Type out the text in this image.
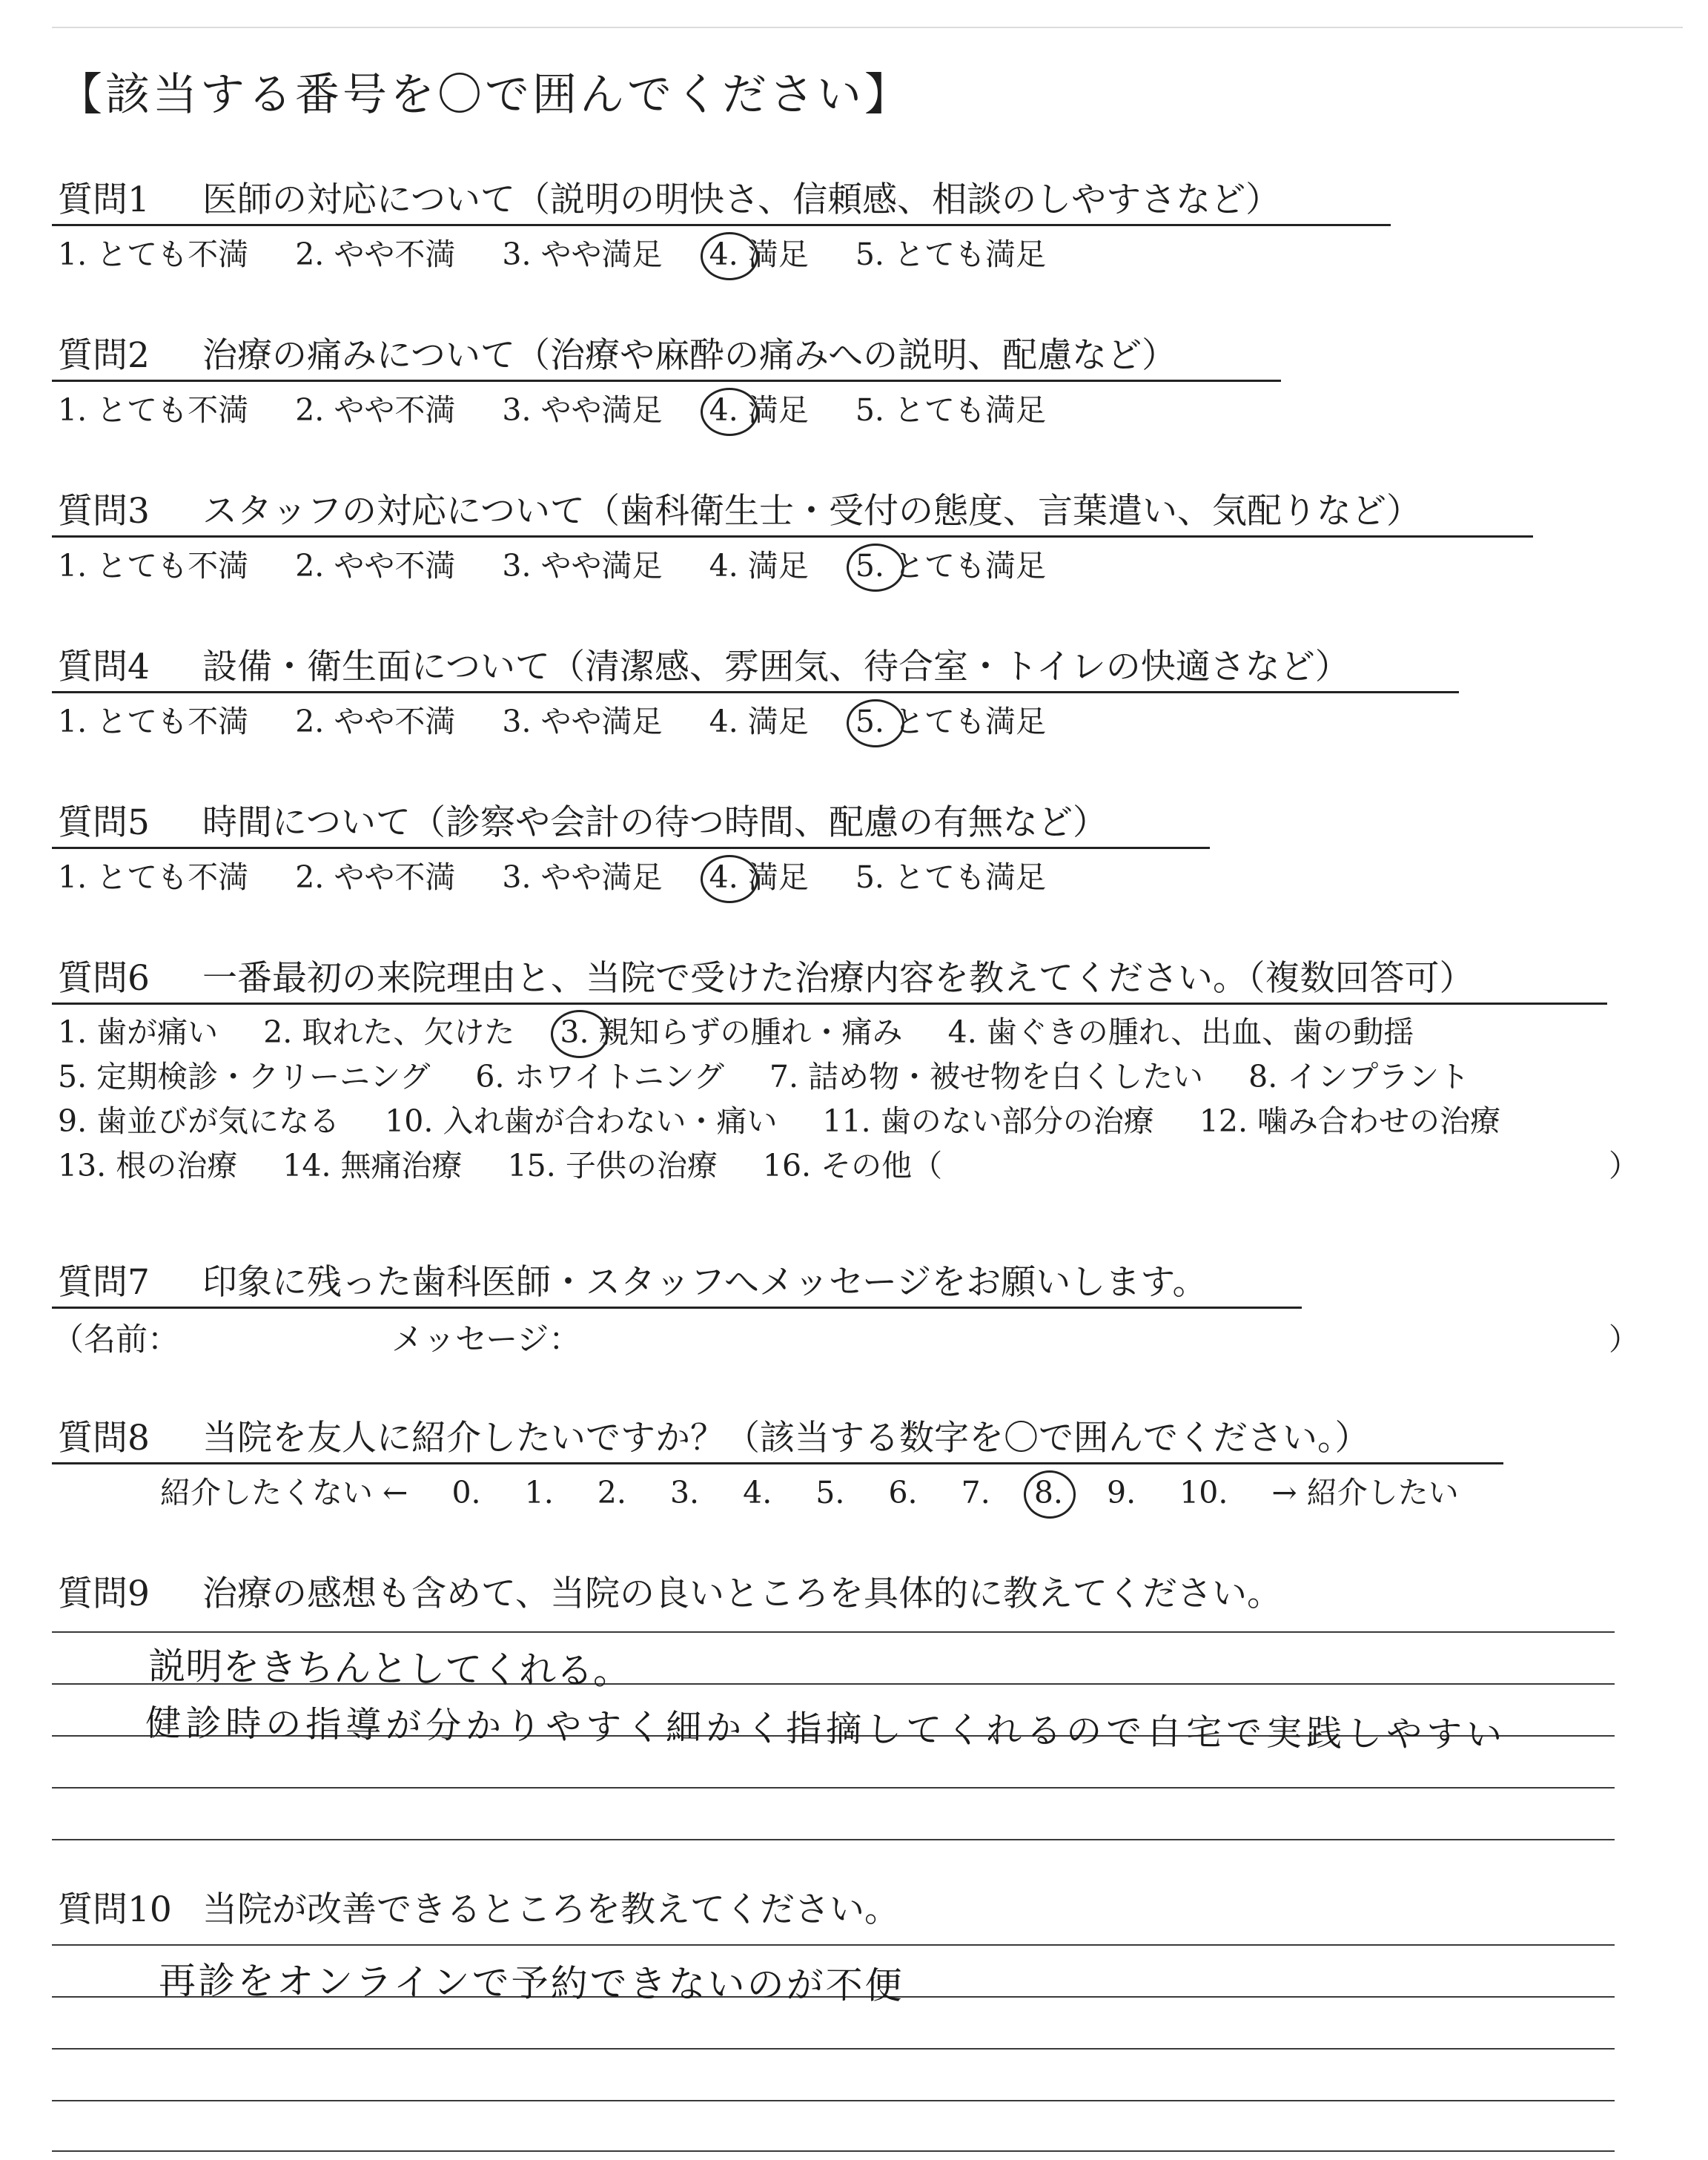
【該当する番号を〇で囲んでください】
質問1 医師の対応について（説明の明快さ、信頼感、相談のしやすさなど）
1. とても不満 2. やや不満 3. やや満足 4. 満足 5. とても満足
質問2 治療の痛みについて（治療や麻酔の痛みへの説明、配慮など）
1. とても不満 2. やや不満 3. やや満足 4. 満足 5. とても満足
質問3 スタッフの対応について（歯科衛生士・受付の態度、言葉遣い、気配りなど）
1. とても不満 2. やや不満 3. やや満足 4. 満足 5. とても満足
質問4 設備・衛生面について（清潔感、雰囲気、待合室・トイレの快適さなど）
1. とても不満 2. やや不満 3. やや満足 4. 満足 5. とても満足
質問5 時間について（診察や会計の待つ時間、配慮の有無など）
1. とても不満 2. やや不満 3. やや満足 4. 満足 5. とても満足
質問6 一番最初の来院理由と、当院で受けた治療内容を教えてください。（複数回答可）
1. 歯が痛い 2. 取れた、欠けた 3. 親知らずの腫れ・痛み 4. 歯ぐきの腫れ、出血、歯の動揺
5. 定期検診・クリーニング 6. ホワイトニング 7. 詰め物・被せ物を白くしたい 8. インプラント
9. 歯並びが気になる 10. 入れ歯が合わない・痛い 11. 歯のない部分の治療 12. 噛み合わせの治療
13. 根の治療 14. 無痛治療 15. 子供の治療 16. その他（	）
質問7 印象に残った歯科医師・スタッフへメッセージをお願いします。
（名前：	メッセージ：	）
質問8 当院を友人に紹介したいですか？（該当する数字を〇で囲んでください。）
紹介したくない ← 0. 1. 2. 3. 4. 5. 6. 7. 8. 9. 10. → 紹介したい
質問9 治療の感想も含めて、当院の良いところを具体的に教えてください。
説明をきちんとしてくれる。
健診時の指導が分かりやすく細かく指摘してくれるので自宅で実践しやすい
質問10 当院が改善できるところを教えてください。
再診をオンラインで予約できないのが不便
